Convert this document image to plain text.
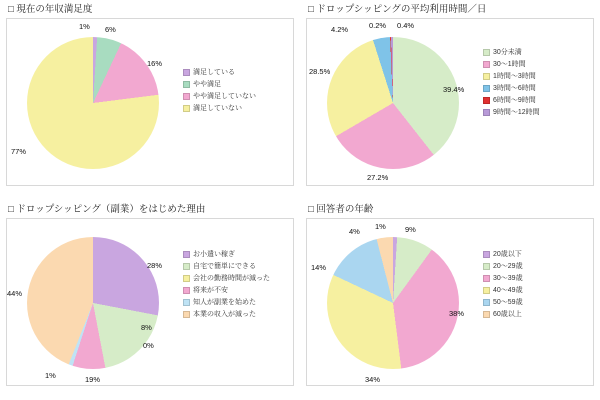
□ 現在の年収満足度
1% 6%
16%
77%
満足している
やや満足
やや満足していない
満足していない
□ ドロップシッピングの平均利用時間／日
39.4%
27.2%
28.5%
4.2%	0.2% 0.4%
30分未満
30〜1時間
1時間〜3時間
3時間〜6時間
6時間〜9時間
9時間〜12時間
□ ドロップシッピング（副業）をはじめた理由
28%
19%
0%
8%
1%
44%
お小遣い稼ぎ
自宅で簡単にできる
会社の勤務時間が減った
将来が不安
知人が副業を始めた
本業の収入が減った
□ 回答者の年齢
1%	9%
38%
34%
14%
4%
20歳以下
20〜29歳
30〜39歳
40〜49歳
50〜59歳
60歳以上
